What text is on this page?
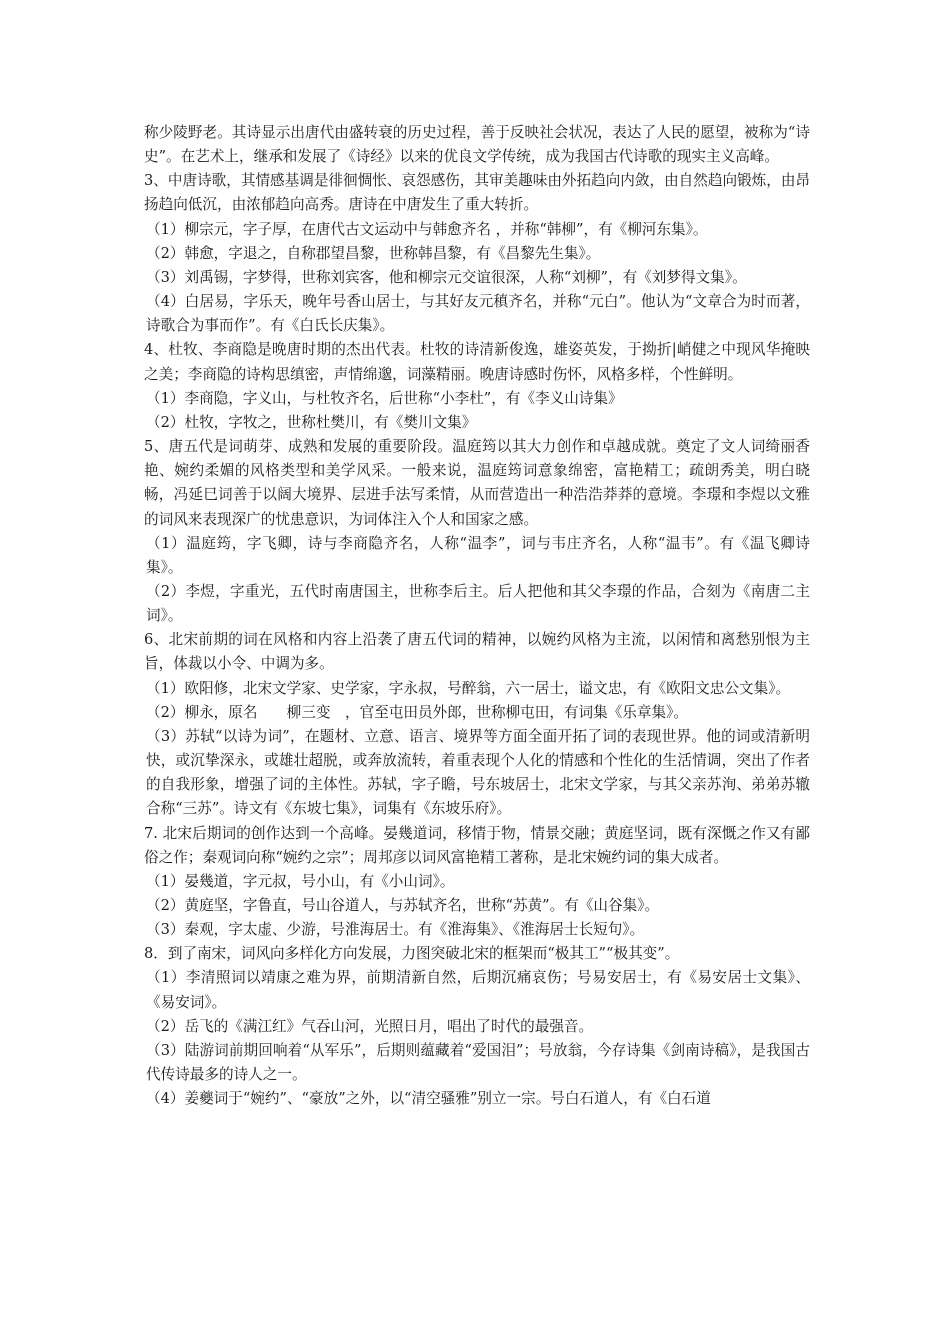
称少陵野老。其诗显示出唐代由盛转衰的历史过程，善于反映社会状况，表达了人民的愿望，被称为“诗史”。在艺术上，继承和发展了《诗经》以来的优良文学传统，成为我国古代诗歌的现实主义高峰。

3、中唐诗歌，其情感基调是徘徊惆怅、哀怨感伤，其审美趣味由外拓趋向内敛，由自然趋向锻炼，由昂扬趋向低沉，由浓郁趋向高秀。唐诗在中唐发生了重大转折。

（1）柳宗元，字子厚，在唐代古文运动中与韩愈齐名 ，并称“韩柳”，有《柳河东集》。

（2）韩愈，字退之，自称郡望昌黎，世称韩昌黎，有《昌黎先生集》。

（3）刘禹锡，字梦得，世称刘宾客，他和柳宗元交谊很深，人称“刘柳”，有《刘梦得文集》。

（4）白居易，字乐天，晚年号香山居士，与其好友元稹齐名，并称“元白”。他认为“文章合为时而著，诗歌合为事而作”。有《白氏长庆集》。

4、杜牧、李商隐是晚唐时期的杰出代表。杜牧的诗清新俊逸，雄姿英发，于拗折|峭健之中现风华掩映之美；李商隐的诗构思缜密，声情绵邈，词藻精丽。晚唐诗感时伤怀，风格多样，个性鲜明。

（1）李商隐，字义山，与杜牧齐名，后世称“小李杜”，有《李义山诗集》

（2）杜牧，字牧之，世称杜樊川，有《樊川文集》

5、唐五代是词萌芽、成熟和发展的重要阶段。温庭筠以其大力创作和卓越成就。奠定了文人词绮丽香艳、婉约柔媚的风格类型和美学风采。一般来说，温庭筠词意象绵密，富艳精工；疏朗秀美，明白晓畅，冯延巳词善于以阔大境界、层进手法写柔情，从而营造出一种浩浩莽莽的意境。李璟和李煜以文雅的词风来表现深广的忧患意识，为词体注入个人和国家之感。

（1）温庭筠，字飞卿，诗与李商隐齐名，人称“温李”，词与韦庄齐名，人称“温韦”。有《温飞卿诗集》。

（2）李煜，字重光，五代时南唐国主，世称李后主。后人把他和其父李璟的作品，合刻为《南唐二主词》。

6、北宋前期的词在风格和内容上沿袭了唐五代词的精神，以婉约风格为主流，以闲情和离愁别恨为主旨，体裁以小令、中调为多。

（1）欧阳修，北宋文学家、史学家，字永叔，号醉翁，六一居士，谥文忠，有《欧阳文忠公文集》。

（2）柳永，原名　　柳三变　，官至屯田员外郎，世称柳屯田，有词集《乐章集》。

（3）苏轼“以诗为词”，在题材、立意、语言、境界等方面全面开拓了词的表现世界。他的词或清新明快，或沉挚深永，或雄壮超脱，或奔放流转，着重表现个人化的情感和个性化的生活情调，突出了作者的自我形象，增强了词的主体性。苏轼，字子瞻，号东坡居士，北宋文学家，与其父亲苏洵、弟弟苏辙合称“三苏”。诗文有《东坡七集》，词集有《东坡乐府》。

7. 北宋后期词的创作达到一个高峰。晏幾道词，移情于物，情景交融；黄庭坚词，既有深慨之作又有鄙俗之作；秦观词向称“婉约之宗”；周邦彦以词风富艳精工著称，是北宋婉约词的集大成者。

（1）晏幾道，字元叔，号小山，有《小山词》。

（2）黄庭坚，字鲁直，号山谷道人，与苏轼齐名，世称“苏黄”。有《山谷集》。

（3）秦观，字太虚、少游，号淮海居士。有《淮海集》、《淮海居士长短句》。

8．到了南宋，词风向多样化方向发展，力图突破北宋的框架而“极其工”“极其变”。

（1）李清照词以靖康之难为界，前期清新自然，后期沉痛哀伤；号易安居士，有《易安居士文集》、《易安词》。

（2）岳飞的《满江红》气吞山河，光照日月，唱出了时代的最强音。

（3）陆游词前期回响着“从军乐”，后期则蕴藏着“爱国泪”；号放翁，今存诗集《剑南诗稿》，是我国古代传诗最多的诗人之一。

（4）姜夔词于“婉约”、“豪放”之外，以“清空骚雅”别立一宗。号白石道人，有《白石道
